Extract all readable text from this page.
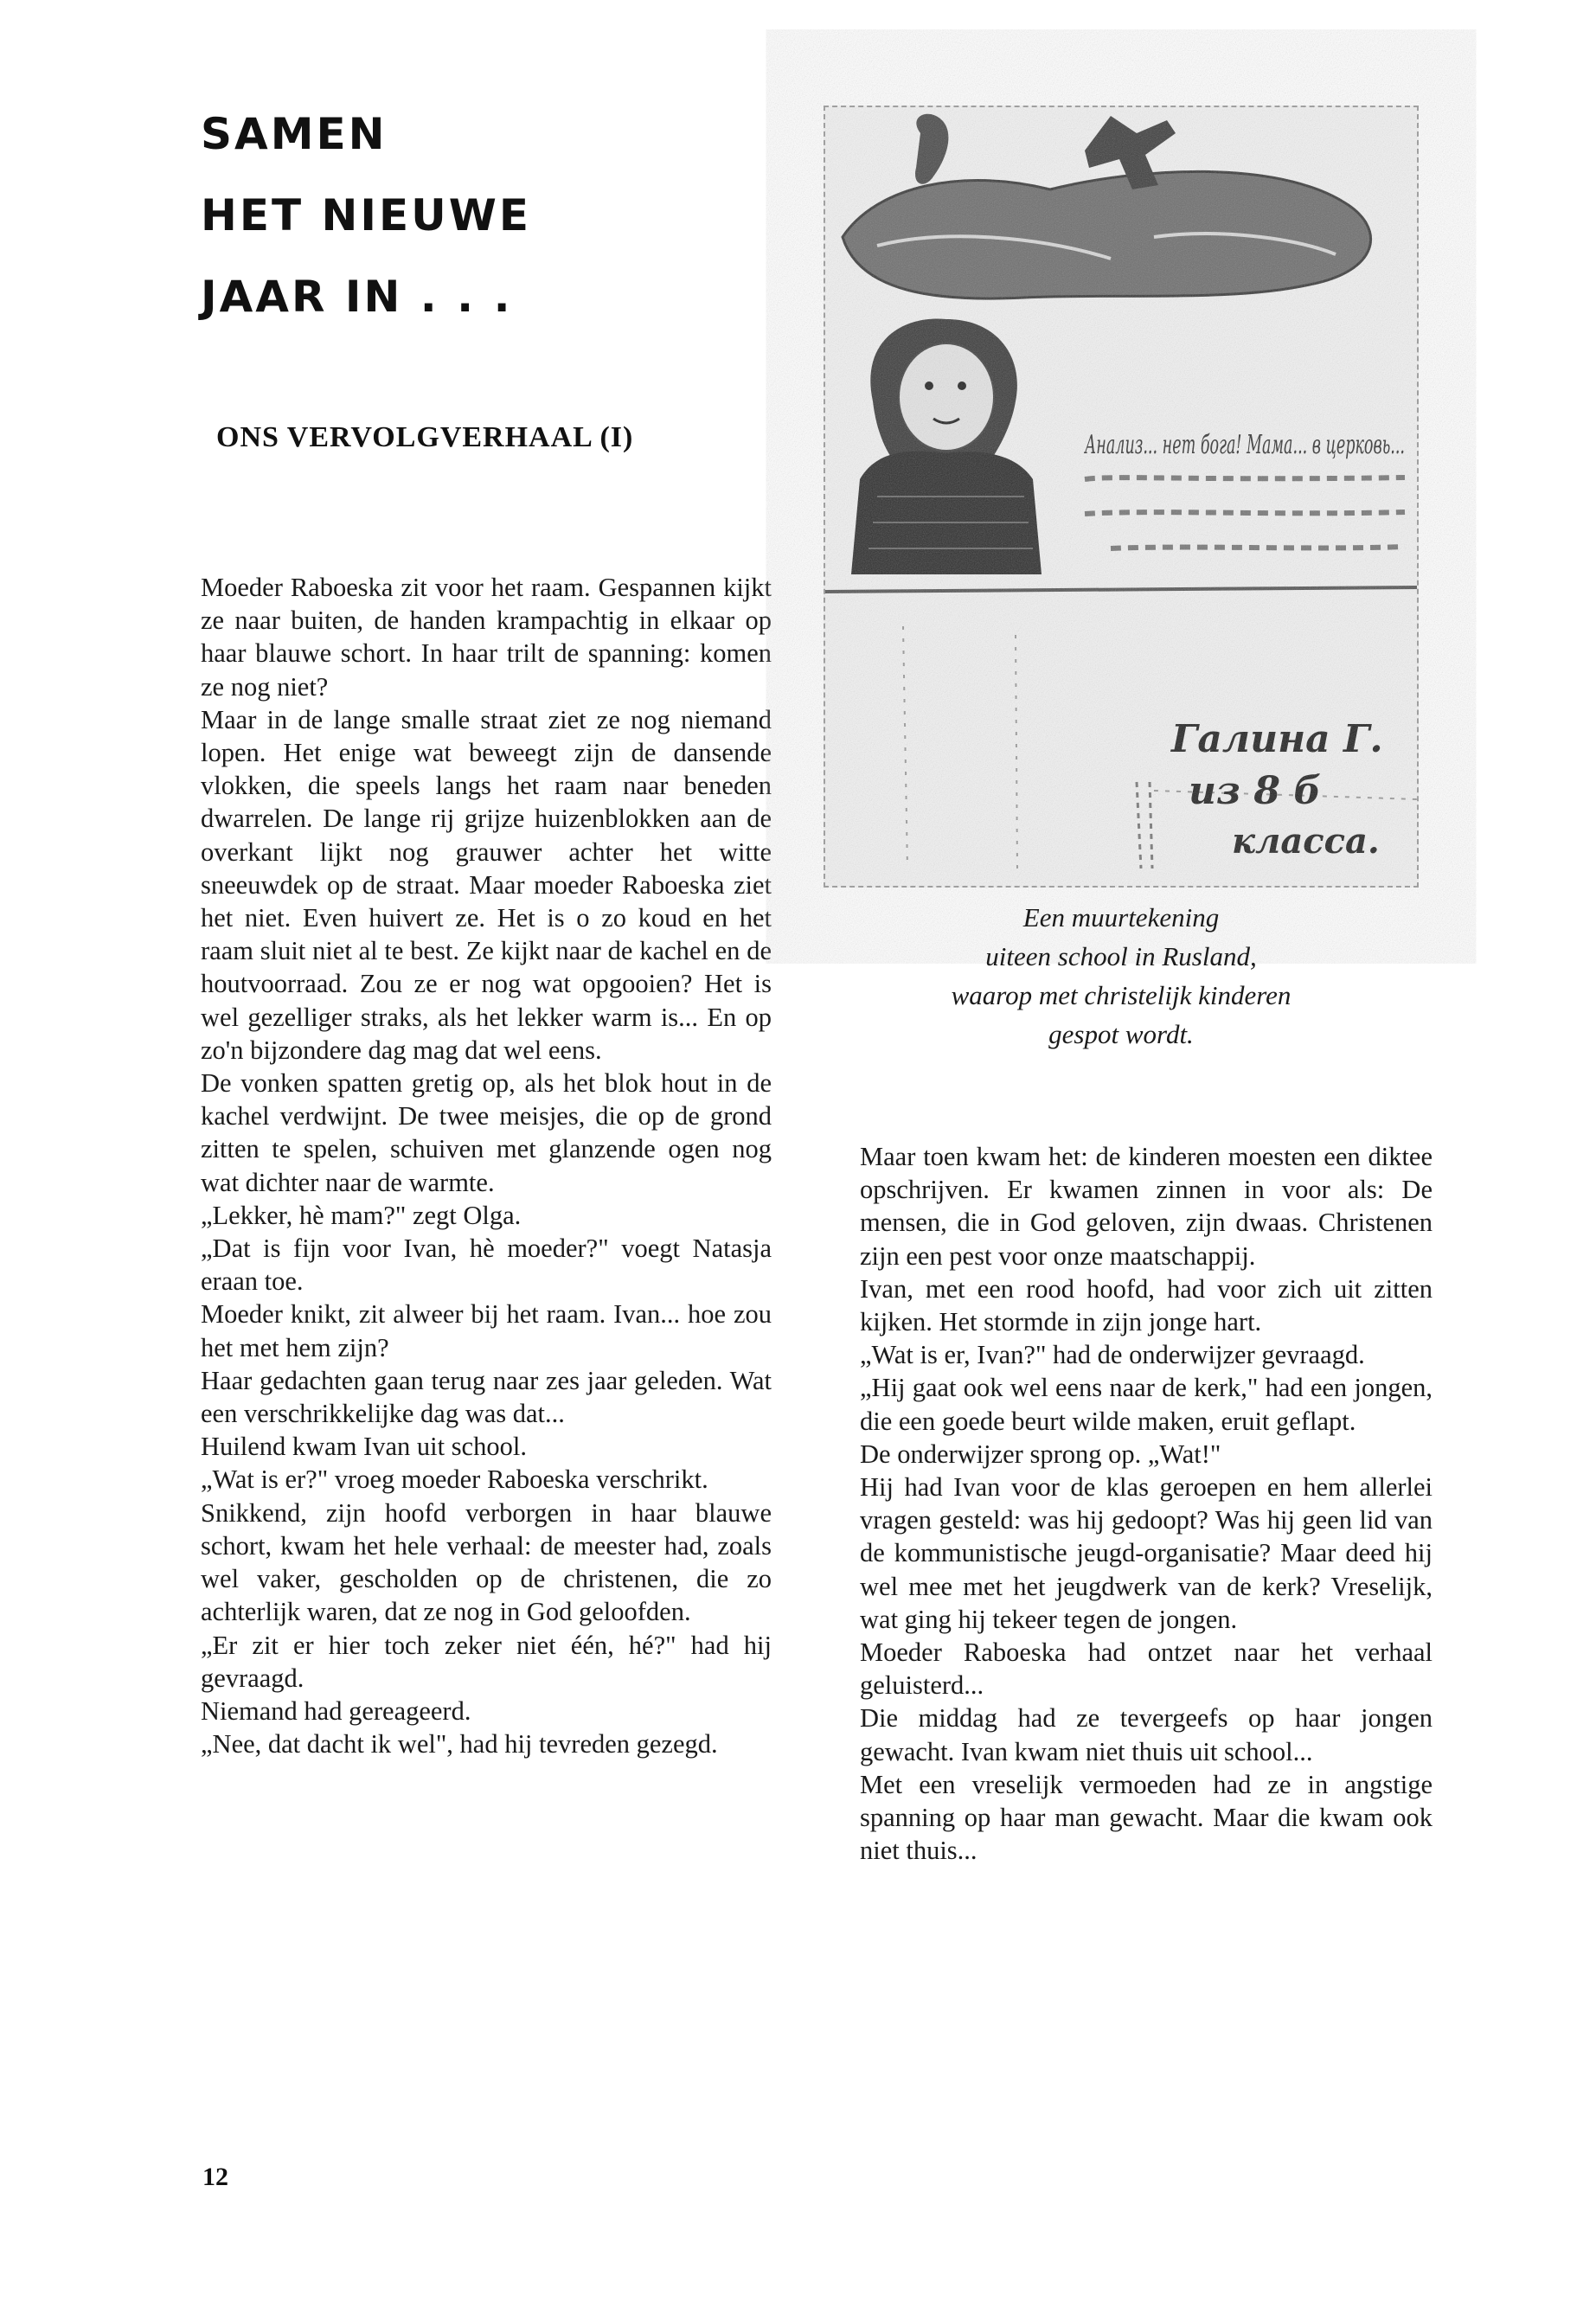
SAMEN
HET NIEUWE
JAAR IN . . .
ONS VERVOLGVERHAAL (I)

Moeder Raboeska zit voor het raam. Gespannen kijkt ze naar buiten, de handen krampachtig in elkaar op haar blauwe schort. In haar trilt de spanning: komen ze nog niet?

Maar in de lange smalle straat ziet ze nog niemand lopen. Het enige wat beweegt zijn de dansende vlokken, die speels langs het raam naar beneden dwarrelen. De lange rij grijze huizenblokken aan de overkant lijkt nog grauwer achter het witte sneeuwdek op de straat. Maar moeder Raboeska ziet het niet. Even huivert ze. Het is o zo koud en het raam sluit niet al te best. Ze kijkt naar de kachel en de houtvoorraad. Zou ze er nog wat opgooien? Het is wel gezelliger straks, als het lekker warm is... En op zo'n bijzondere dag mag dat wel eens.

De vonken spatten gretig op, als het blok hout in de kachel verdwijnt. De twee meisjes, die op de grond zitten te spelen, schuiven met glanzende ogen nog wat dichter naar de warmte.

„Lekker, hè mam?" zegt Olga.

„Dat is fijn voor Ivan, hè moeder?" voegt Natasja eraan toe.

Moeder knikt, zit alweer bij het raam. Ivan... hoe zou het met hem zijn?

Haar gedachten gaan terug naar zes jaar geleden. Wat een verschrikkelijke dag was dat...

Huilend kwam Ivan uit school.

„Wat is er?" vroeg moeder Raboeska verschrikt.

Snikkend, zijn hoofd verborgen in haar blauwe schort, kwam het hele verhaal: de meester had, zoals wel vaker, gescholden op de christenen, die zo achterlijk waren, dat ze nog in God geloofden.

„Er zit er hier toch zeker niet één, hé?" had hij gevraagd.

Niemand had gereageerd.

„Nee, dat dacht ik wel", had hij tevreden gezegd.

Een muurtekening
uiteen school in Rusland,
waarop met christelijk kinderen
gespot wordt.

Maar toen kwam het: de kinderen moesten een diktee opschrijven. Er kwamen zinnen in voor als: De mensen, die in God geloven, zijn dwaas. Christenen zijn een pest voor onze maatschappij.

Ivan, met een rood hoofd, had voor zich uit zitten kijken. Het stormde in zijn jonge hart.

„Wat is er, Ivan?" had de onderwijzer gevraagd.

„Hij gaat ook wel eens naar de kerk," had een jongen, die een goede beurt wilde maken, eruit geflapt.

De onderwijzer sprong op. „Wat!"

Hij had Ivan voor de klas geroepen en hem allerlei vragen gesteld: was hij gedoopt? Was hij geen lid van de kommunistische jeugd-organisatie? Maar deed hij wel mee met het jeugdwerk van de kerk? Vreselijk, wat ging hij tekeer tegen de jongen.

Moeder Raboeska had ontzet naar het verhaal geluisterd...

Die middag had ze tevergeefs op haar jongen gewacht. Ivan kwam niet thuis uit school...

Met een vreselijk vermoeden had ze in angstige spanning op haar man gewacht. Maar die kwam ook niet thuis...

12
